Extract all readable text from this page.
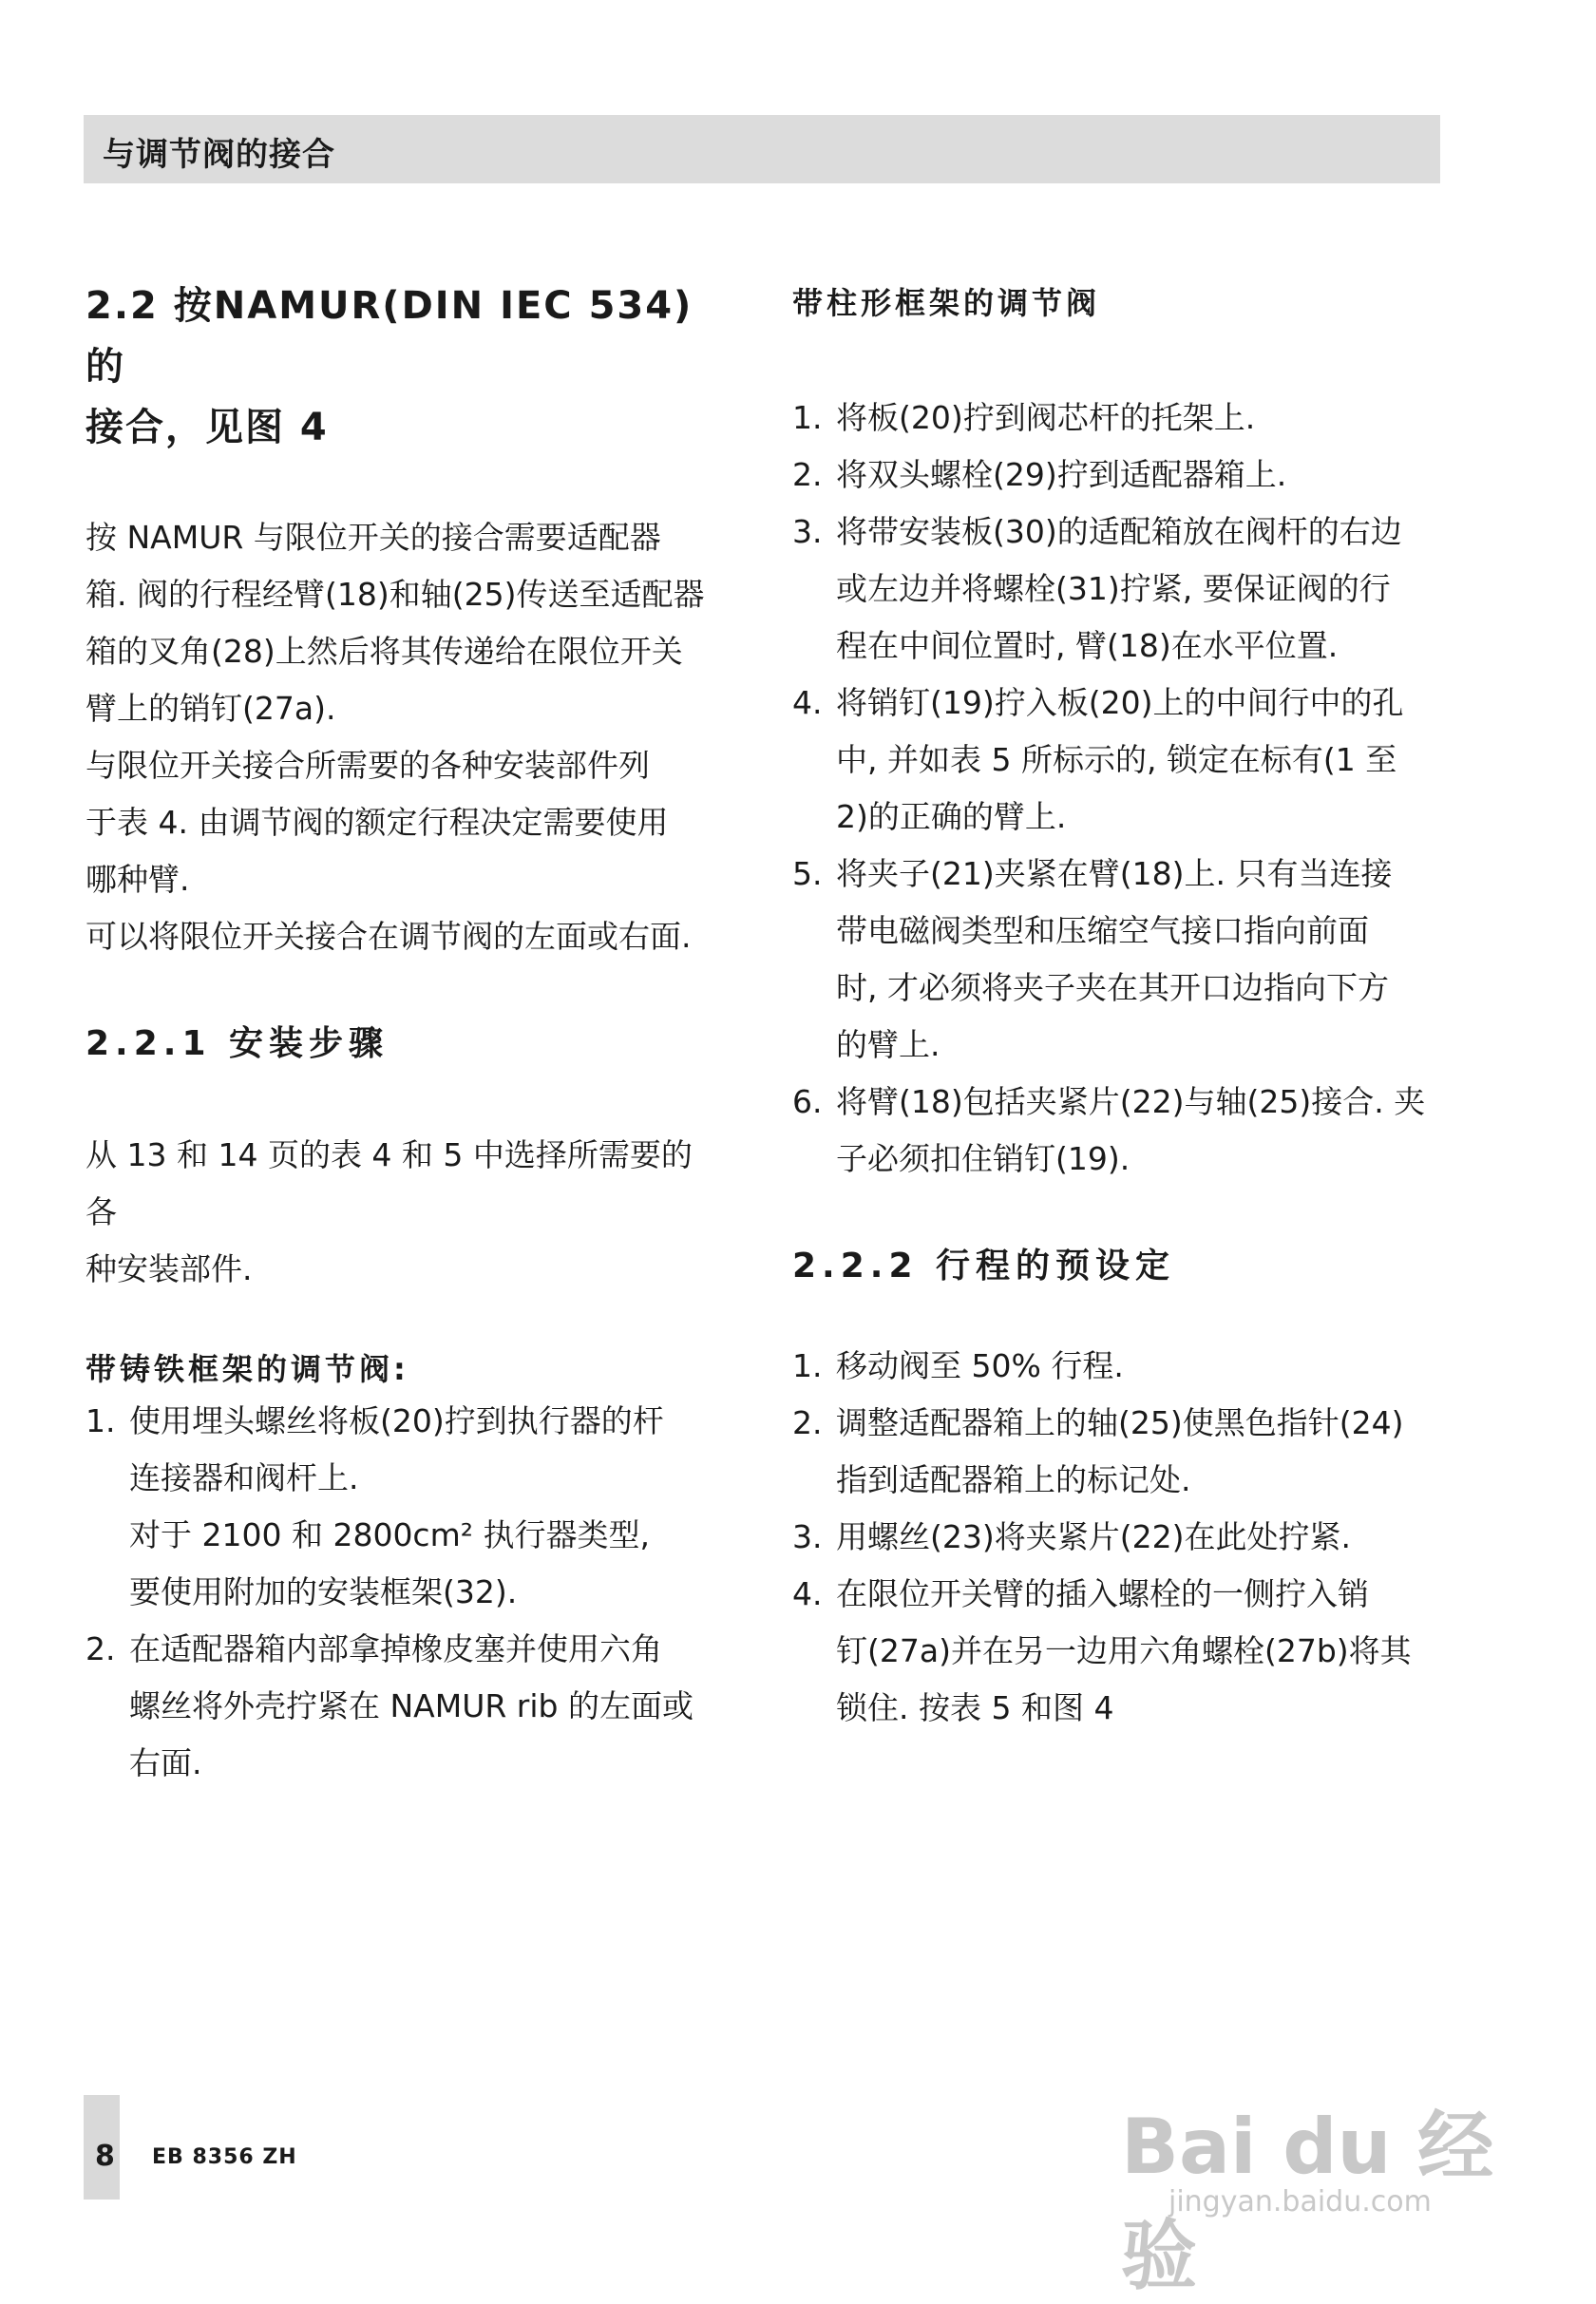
与调节阀的接合

2.2 按NAMUR(DIN IEC 534)的

接合，见图 4

按 NAMUR 与限位开关的接合需要适配器

箱. 阀的行程经臂(18)和轴(25)传送至适配器

箱的叉角(28)上然后将其传递给在限位开关

臂上的销钉(27a).

与限位开关接合所需要的各种安装部件列

于表 4. 由调节阀的额定行程决定需要使用

哪种臂.

可以将限位开关接合在调节阀的左面或右面.

2.2.1 安装步骤

从 13 和 14 页的表 4 和 5 中选择所需要的各

种安装部件.

带铸铁框架的调节阀:

1. 使用埋头螺丝将板(20)拧到执行器的杆
连接器和阀杆上.
对于 2100 和 2800cm² 执行器类型,
要使用附加的安装框架(32).
2. 在适配器箱内部拿掉橡皮塞并使用六角
螺丝将外壳拧紧在 NAMUR rib 的左面或
右面.

带柱形框架的调节阀

1. 将板(20)拧到阀芯杆的托架上.
2. 将双头螺栓(29)拧到适配器箱上.
3. 将带安装板(30)的适配箱放在阀杆的右边
或左边并将螺栓(31)拧紧, 要保证阀的行
程在中间位置时, 臂(18)在水平位置.
4. 将销钉(19)拧入板(20)上的中间行中的孔
中, 并如表 5 所标示的, 锁定在标有(1 至
2)的正确的臂上.
5. 将夹子(21)夹紧在臂(18)上. 只有当连接
带电磁阀类型和压缩空气接口指向前面
时, 才必须将夹子夹在其开口边指向下方
的臂上.
6. 将臂(18)包括夹紧片(22)与轴(25)接合. 夹
子必须扣住销钉(19).

2.2.2 行程的预设定

1. 移动阀至 50% 行程.
2. 调整适配器箱上的轴(25)使黑色指针(24)
指到适配器箱上的标记处.
3. 用螺丝(23)将夹紧片(22)在此处拧紧.
4. 在限位开关臂的插入螺栓的一侧拧入销
钉(27a)并在另一边用六角螺栓(27b)将其
锁住. 按表 5 和图 4
8 EB 8356 ZH	Bai du 经验
jingyan.baidu.com
